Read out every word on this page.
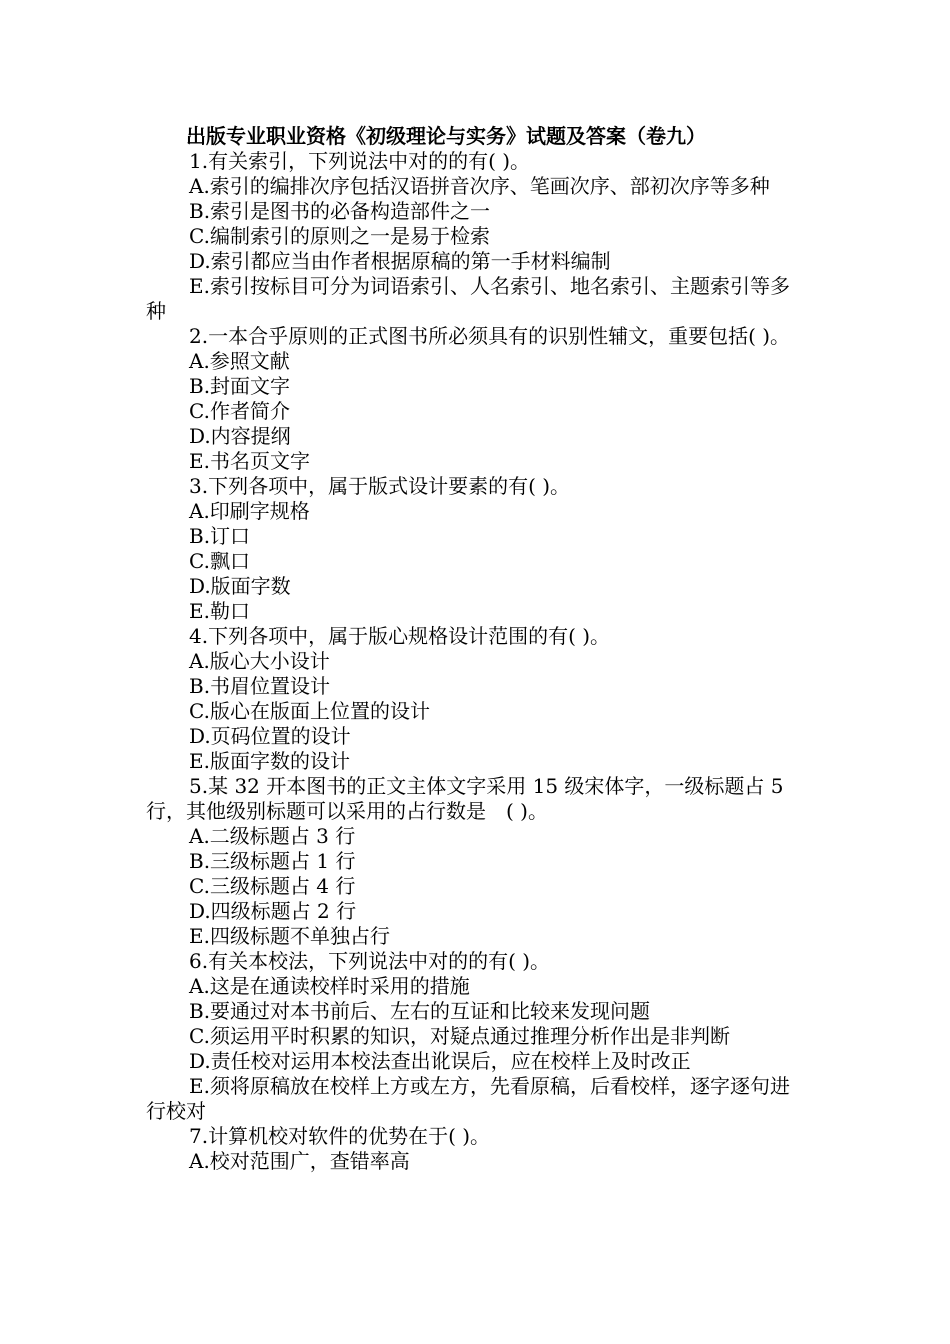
出版专业职业资格《初级理论与实务》试题及答案（卷九）
1.有关索引，下列说法中对的的有( )。
A.索引的编排次序包括汉语拼音次序、笔画次序、部初次序等多种
B.索引是图书的必备构造部件之一
C.编制索引的原则之一是易于检索
D.索引都应当由作者根据原稿的第一手材料编制
E.索引按标目可分为词语索引、人名索引、地名索引、主题索引等多种
2.一本合乎原则的正式图书所必须具有的识别性辅文，重要包括( )。
A.参照文献
B.封面文字
C.作者简介
D.内容提纲
E.书名页文字
3.下列各项中，属于版式设计要素的有( )。
A.印刷字规格
B.订口
C.飘口
D.版面字数
E.勒口
4.下列各项中，属于版心规格设计范围的有( )。
A.版心大小设计
B.书眉位置设计
C.版心在版面上位置的设计
D.页码位置的设计
E.版面字数的设计
5.某 32 开本图书的正文主体文字采用 15 级宋体字，一级标题占 5 行，其他级别标题可以采用的占行数是　( )。
A.二级标题占 3 行
B.三级标题占 1 行
C.三级标题占 4 行
D.四级标题占 2 行
E.四级标题不单独占行
6.有关本校法，下列说法中对的的有( )。
A.这是在通读校样时采用的措施
B.要通过对本书前后、左右的互证和比较来发现问题
C.须运用平时积累的知识，对疑点通过推理分析作出是非判断
D.责任校对运用本校法查出讹误后，应在校样上及时改正
E.须将原稿放在校样上方或左方，先看原稿，后看校样，逐字逐句进行校对
7.计算机校对软件的优势在于( )。
A.校对范围广，查错率高
